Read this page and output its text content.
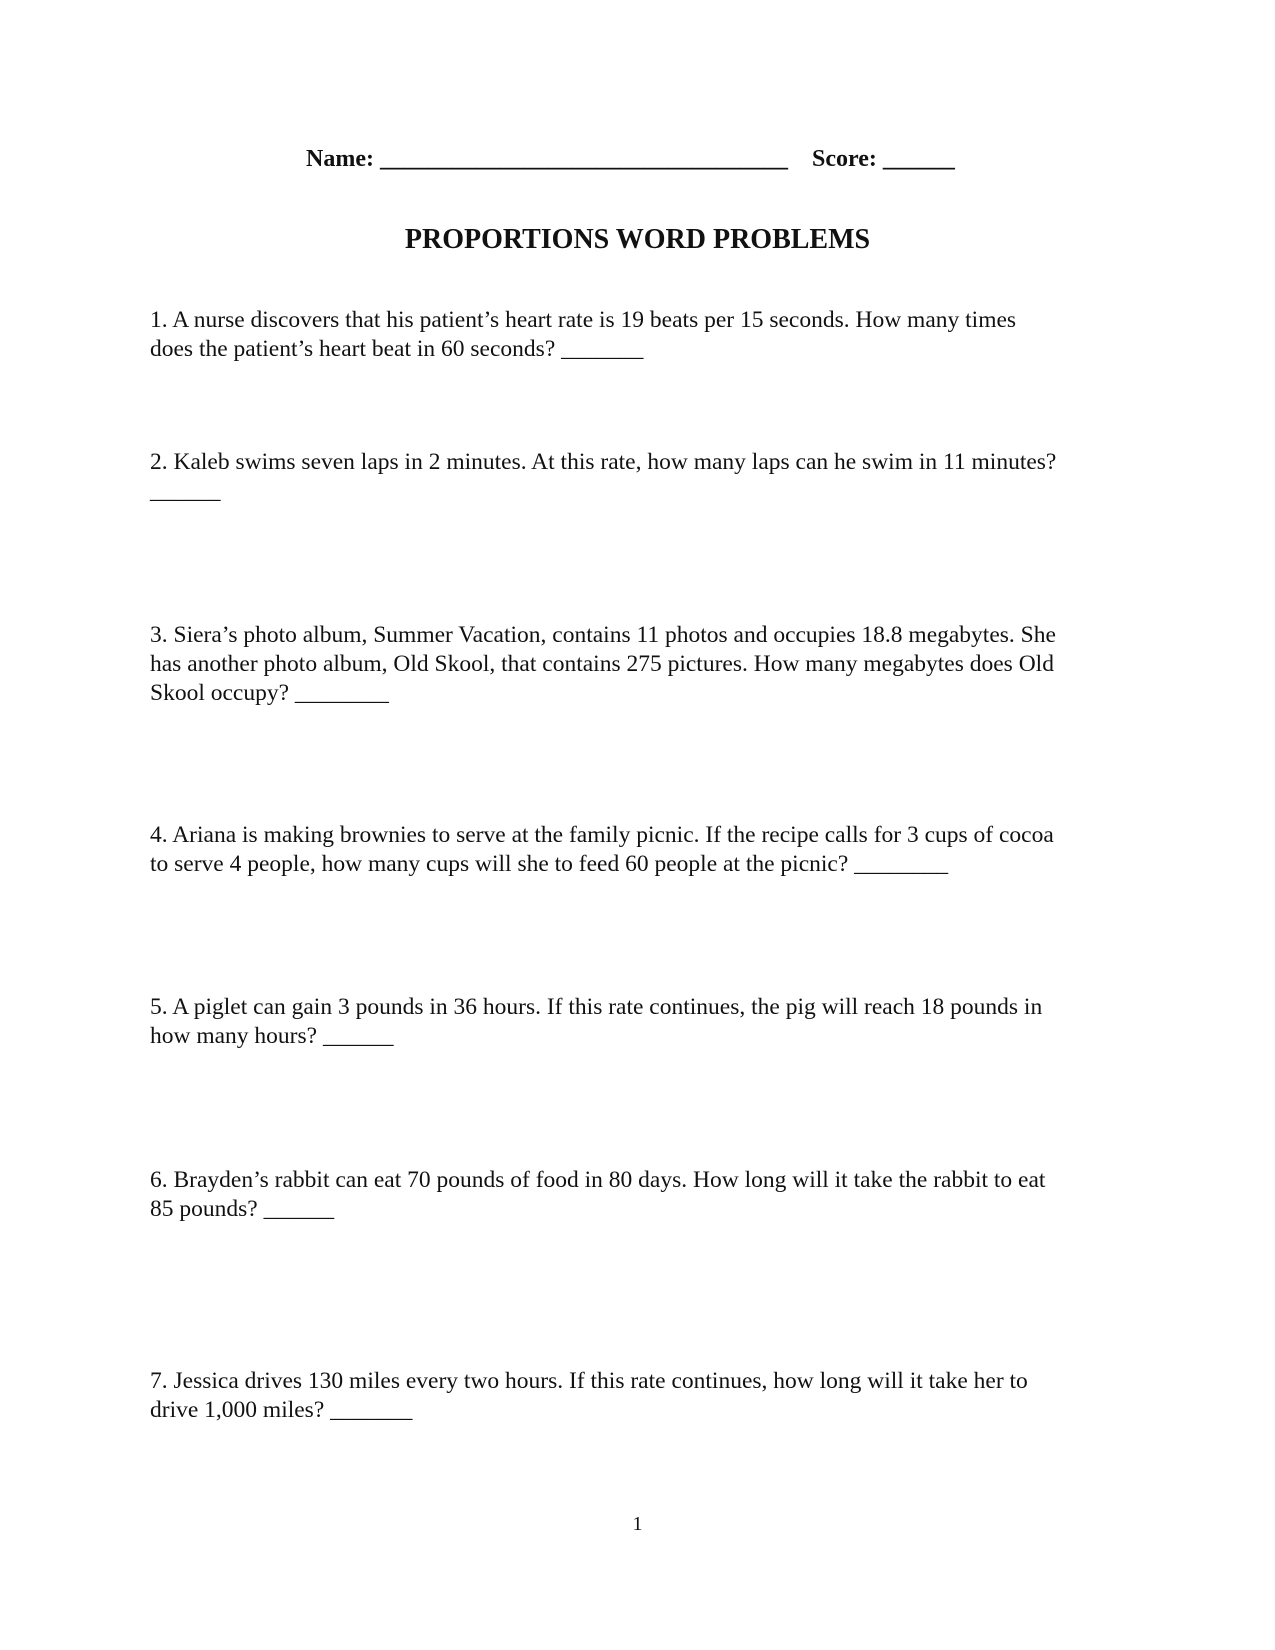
Name: __________________________________ Score: ______
PROPORTIONS WORD PROBLEMS
1. A nurse discovers that his patient’s heart rate is 19 beats per 15 seconds. How many times
does the patient’s heart beat in 60 seconds? _______
2. Kaleb swims seven laps in 2 minutes. At this rate, how many laps can he swim in 11 minutes?
______
3. Siera’s photo album, Summer Vacation, contains 11 photos and occupies 18.8 megabytes. She
has another photo album, Old Skool, that contains 275 pictures. How many megabytes does Old
Skool occupy? ________
4. Ariana is making brownies to serve at the family picnic. If the recipe calls for 3 cups of cocoa
to serve 4 people, how many cups will she to feed 60 people at the picnic? ________
5. A piglet can gain 3 pounds in 36 hours. If this rate continues, the pig will reach 18 pounds in
how many hours? ______
6. Brayden’s rabbit can eat 70 pounds of food in 80 days. How long will it take the rabbit to eat
85 pounds? ______
7. Jessica drives 130 miles every two hours. If this rate continues, how long will it take her to
drive 1,000 miles? _______
1
